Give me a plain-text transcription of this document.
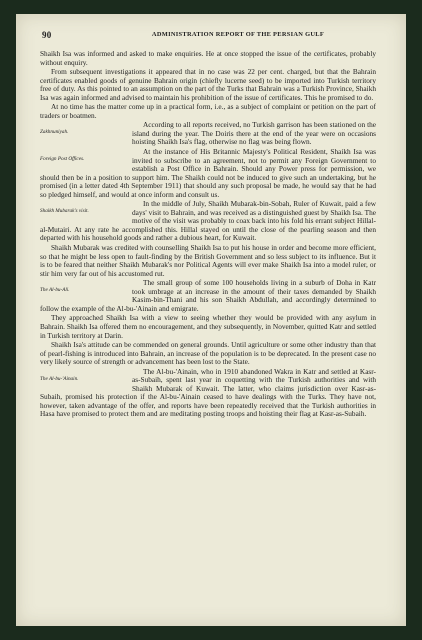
90	ADMINISTRATION REPORT OF THE PERSIAN GULF

Shaikh Isa was informed and asked to make enquiries. He at once stopped the issue of the certificates, probably without enquiry.

From subsequent investigations it appeared that in no case was 22 per cent. charged, but that the Bahrain certificates enabled goods of genuine Bahrain origin (chiefly lucerne seed) to be imported into Turkish territory free of duty. As this pointed to an assumption on the part of the Turks that Bahrain was a Turkish Province, Shaikh Isa was again informed and advised to maintain his prohibition of the issue of certificates. This he promised to do.

At no time has the matter come up in a practical form, i.e., as a subject of complaint or petition on the part of traders or boatmen.

Zakhnuniyah.
According to all reports received, no Turkish garrison has been stationed on the island during the year. The Doiris there at the end of the year were on occasions hoisting Shaikh Isa's flag, otherwise no flag was being flown.

Foreign Post Offices.
At the instance of His Britannic Majesty's Political Resident, Shaikh Isa was invited to subscribe to an agreement, not to permit any Foreign Government to establish a Post Office in Bahrain. Should any Power press for permission, we should then be in a position to support him. The Shaikh could not be induced to give such an undertaking, but he promised (in a letter dated 4th September 1911) that should any such proposal be made, he would say that he had so pledged himself, and would at once inform and consult us.

Shaikh Mubarak's visit.
In the middle of July, Shaikh Mubarak-bin-Sobah, Ruler of Kuwait, paid a few days' visit to Bahrain, and was received as a distinguished guest by Shaikh Isa. The motive of the visit was probably to coax back into his fold his errant subject Hillal-al-Mutairi. At any rate he accomplished this. Hillal stayed on until the close of the pearling season and then departed with his household goods and rather a dubious heart, for Kuwait.

Shaikh Mubarak was credited with counselling Shaikh Isa to put his house in order and become more efficient, so that he might be less open to fault-finding by the British Government and so less subject to its influence. But it is to be feared that neither Shaikh Mubarak's nor Political Agents will ever make Shaikh Isa into a model ruler, or stir him very far out of his accustomed rut.

The Al-bu-Ali.
The small group of some 100 households living in a suburb of Doha in Katr took umbrage at an increase in the amount of their taxes demanded by Shaikh Kasim-bin-Thani and his son Shaikh Abdullah, and accordingly determined to follow the example of the Al-bu-'Ainain and emigrate.

They approached Shaikh Isa with a view to seeing whether they would be provided with any asylum in Bahrain. Shaikh Isa offered them no encouragement, and they subsequently, in November, quitted Katr and settled in Turkish territory at Darin.

Shaikh Isa's attitude can be commended on general grounds. Until agriculture or some other industry than that of pearl-fishing is introduced into Bahrain, an increase of the population is to be deprecated. In the present case no very likely source of strength or advancement has been lost to the State.

The Al-bu-'Ainain.
The Al-bu-'Ainain, who in 1910 abandoned Wakra in Katr and settled at Kasr-as-Subaih, spent last year in coquetting with the Turkish authorities and with Shaikh Mubarak of Kuwait. The latter, who claims jurisdiction over Kasr-as-Subaih, promised his protection if the Al-bu-'Ainain ceased to have dealings with the Turks. They have not, however, taken advantage of the offer, and reports have been repeatedly received that the Turkish authorities in Hasa have promised to protect them and are meditating posting troops and hoisting their flag at Kasr-as-Subaih.
